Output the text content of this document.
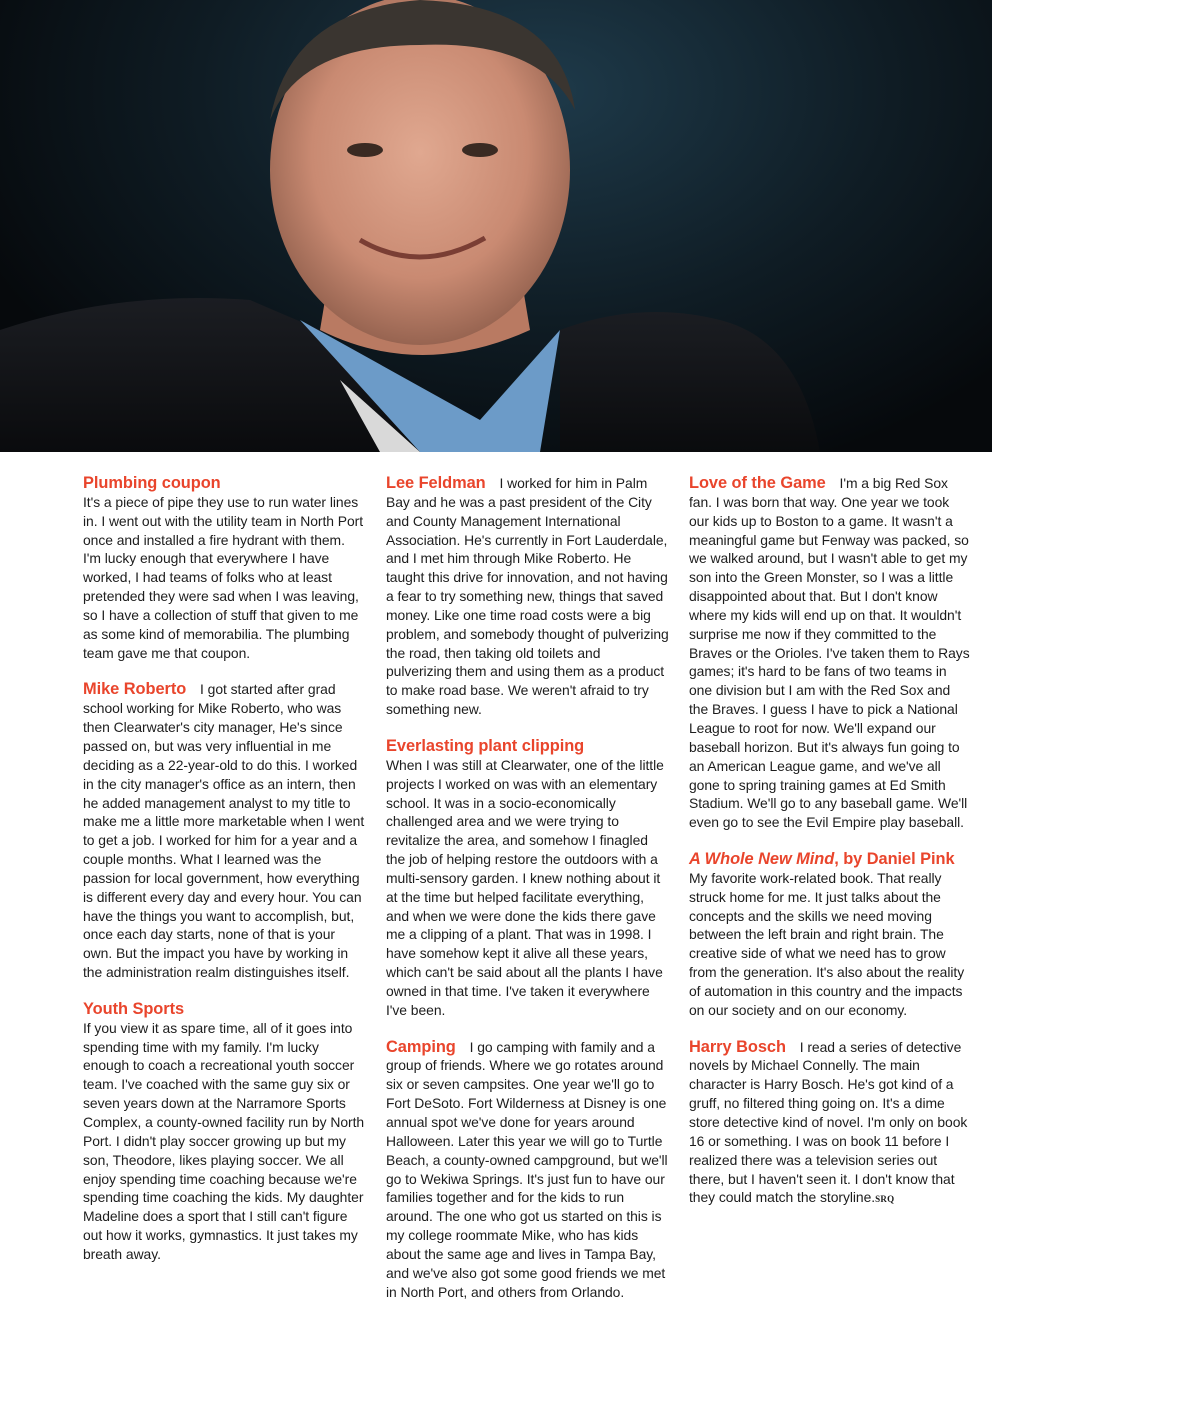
Plumbing coupon
It's a piece of pipe they use to run water lines in. I went out with the utility team in North Port once and installed a fire hydrant with them. I'm lucky enough that everywhere I have worked, I had teams of folks who at least pretended they were sad when I was leaving, so I have a collection of stuff that given to me as some kind of memorabilia. The plumbing team gave me that coupon.
Mike Roberto I got started after grad school working for Mike Roberto, who was then Clearwater's city manager, He's since passed on, but was very influential in me deciding as a 22-year-old to do this. I worked in the city manager's office as an intern, then he added management analyst to my title to make me a little more marketable when I went to get a job. I worked for him for a year and a couple months. What I learned was the passion for local government, how everything is different every day and every hour. You can have the things you want to accomplish, but, once each day starts, none of that is your own. But the impact you have by working in the administration realm distinguishes itself.
Youth Sports
If you view it as spare time, all of it goes into spending time with my family. I'm lucky enough to coach a recreational youth soccer team. I've coached with the same guy six or seven years down at the Narramore Sports Complex, a county-owned facility run by North Port. I didn't play soccer growing up but my son, Theodore, likes playing soccer. We all enjoy spending time coaching because we're spending time coaching the kids. My daughter Madeline does a sport that I still can't figure out how it works, gymnastics. It just takes my breath away.
Lee Feldman I worked for him in Palm Bay and he was a past president of the City and County Management International Association. He's currently in Fort Lauderdale, and I met him through Mike Roberto. He taught this drive for innovation, and not having a fear to try something new, things that saved money. Like one time road costs were a big problem, and somebody thought of pulverizing the road, then taking old toilets and pulverizing them and using them as a product to make road base. We weren't afraid to try something new.
Everlasting plant clipping
When I was still at Clearwater, one of the little projects I worked on was with an elementary school. It was in a socio-economically challenged area and we were trying to revitalize the area, and somehow I finagled the job of helping restore the outdoors with a multi-sensory garden. I knew nothing about it at the time but helped facilitate everything, and when we were done the kids there gave me a clipping of a plant. That was in 1998. I have somehow kept it alive all these years, which can't be said about all the plants I have owned in that time. I've taken it everywhere I've been.
Camping I go camping with family and a group of friends. Where we go rotates around six or seven campsites. One year we'll go to Fort DeSoto. Fort Wilderness at Disney is one annual spot we've done for years around Halloween. Later this year we will go to Turtle Beach, a county-owned campground, but we'll go to Wekiwa Springs. It's just fun to have our families together and for the kids to run around. The one who got us started on this is my college roommate Mike, who has kids about the same age and lives in Tampa Bay, and we've also got some good friends we met in North Port, and others from Orlando.
Love of the Game I'm a big Red Sox fan. I was born that way. One year we took our kids up to Boston to a game. It wasn't a meaningful game but Fenway was packed, so we walked around, but I wasn't able to get my son into the Green Monster, so I was a little disappointed about that. But I don't know where my kids will end up on that. It wouldn't surprise me now if they committed to the Braves or the Orioles. I've taken them to Rays games; it's hard to be fans of two teams in one division but I am with the Red Sox and the Braves. I guess I have to pick a National League to root for now. We'll expand our baseball horizon. But it's always fun going to an American League game, and we've all gone to spring training games at Ed Smith Stadium. We'll go to any baseball game. We'll even go to see the Evil Empire play baseball.
A Whole New Mind, by Daniel Pink My favorite work-related book. That really struck home for me. It just talks about the concepts and the skills we need moving between the left brain and right brain. The creative side of what we need has to grow from the generation. It's also about the reality of automation in this country and the impacts on our society and on our economy.
Harry Bosch I read a series of detective novels by Michael Connelly. The main character is Harry Bosch. He's got kind of a gruff, no filtered thing going on. It's a dime store detective kind of novel. I'm only on book 16 or something. I was on book 11 before I realized there was a television series out there, but I haven't seen it. I don't know that they could match the storyline.SRQ
